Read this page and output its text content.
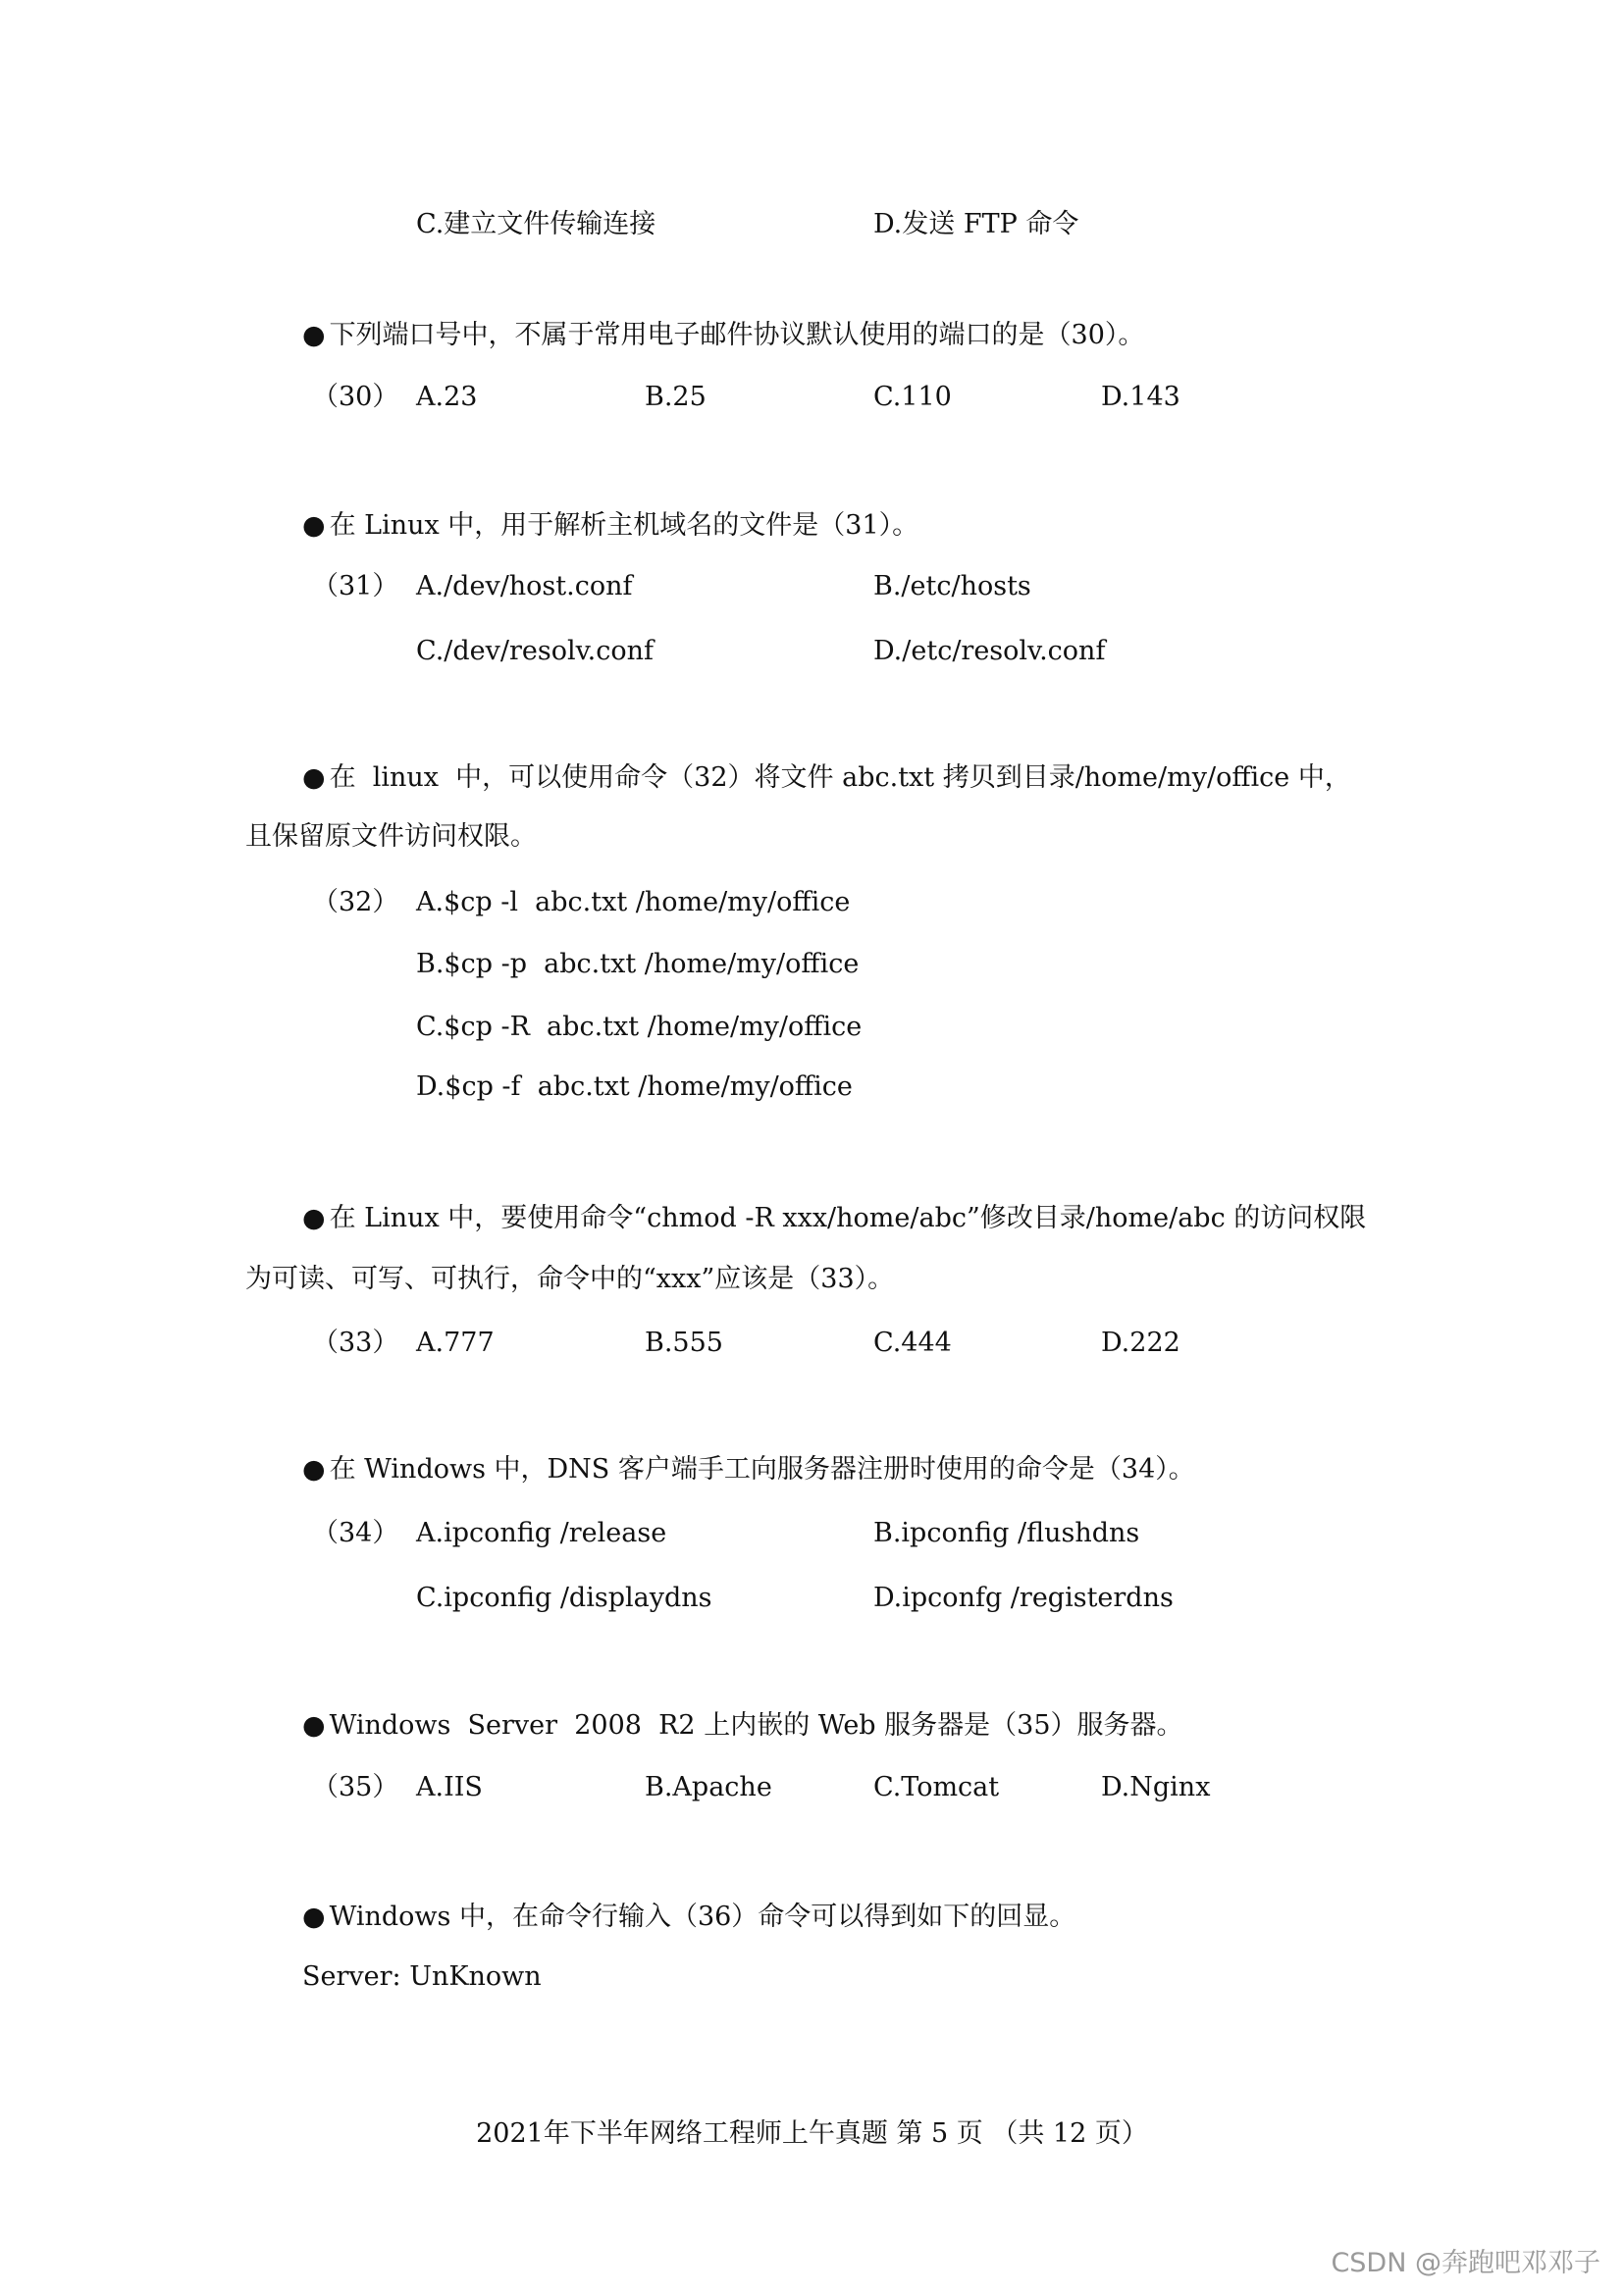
C.建立文件传输连接	D.发送 FTP 命令
● 下列端口号中，不属于常用电子邮件协议默认使用的端口的是（30）。
（30） A.23	B.25	C.110	D.143
● 在 Linux 中，用于解析主机域名的文件是（31）。
（31） A./dev/host.conf	B./etc/hosts
C./dev/resolv.conf	D./etc/resolv.conf
● 在  linux  中，可以使用命令（32）将文件 abc.txt 拷贝到目录/home/my/office 中，
且保留原文件访问权限。
（32） A.$cp -l  abc.txt /home/my/office
B.$cp -p  abc.txt /home/my/office
C.$cp -R  abc.txt /home/my/office
D.$cp -f  abc.txt /home/my/office
● 在 Linux 中，要使用命令“chmod -R xxx/home/abc”修改目录/home/abc 的访问权限
为可读、可写、可执行，命令中的“xxx”应该是（33）。
（33） A.777	B.555	C.444	D.222
● 在 Windows 中，DNS 客户端手工向服务器注册时使用的命令是（34）。
（34） A.ipconfig /release	B.ipconfig /flushdns
C.ipconfig /displaydns	D.ipconfg /registerdns
● Windows  Server  2008  R2 上内嵌的 Web 服务器是（35）服务器。
（35） A.IIS	B.Apache	C.Tomcat	D.Nginx
● Windows 中，在命令行输入（36）命令可以得到如下的回显。
Server: UnKnown
2021年下半年网络工程师上午真题 第 5 页 （共 12 页）
CSDN @奔跑吧邓邓子
